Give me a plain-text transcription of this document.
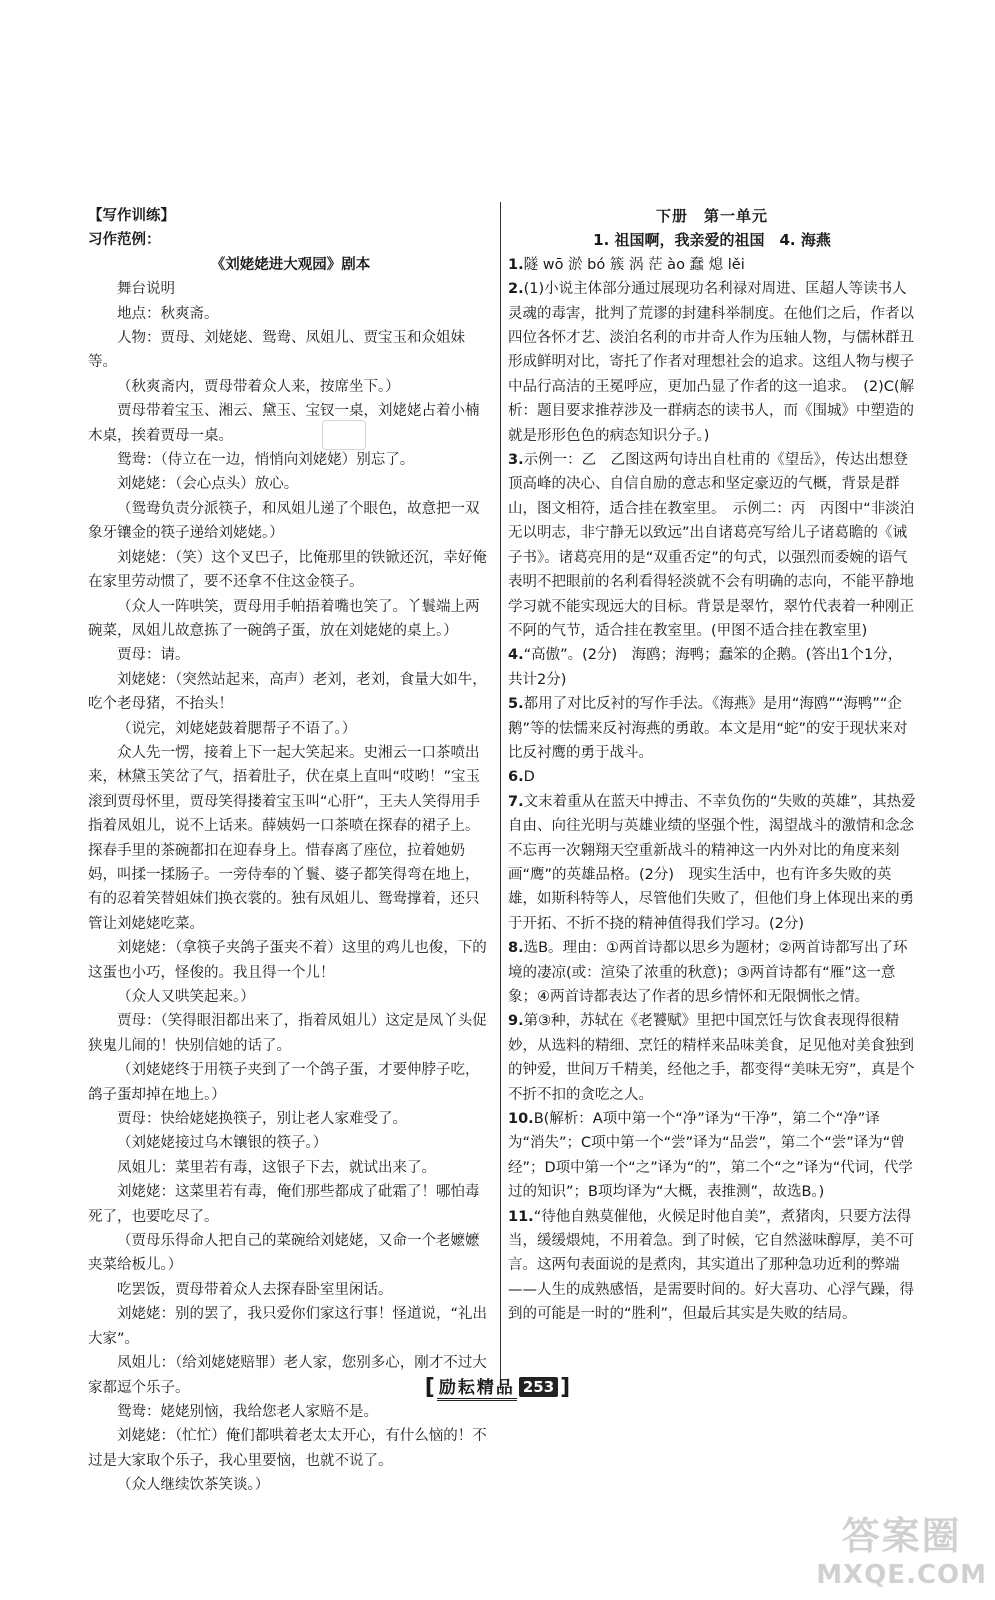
【写作训练】

习作范例：

《刘姥姥进大观园》剧本

舞台说明

地点：秋爽斋。

人物：贾母、刘姥姥、鸳鸯、凤姐儿、贾宝玉和众姐妹等。

（秋爽斋内，贾母带着众人来，按席坐下。）

贾母带着宝玉、湘云、黛玉、宝钗一桌，刘姥姥占着小楠木桌，挨着贾母一桌。

鸳鸯：（侍立在一边，悄悄向刘姥姥）别忘了。

刘姥姥：（会心点头）放心。

（鸳鸯负责分派筷子，和凤姐儿递了个眼色，故意把一双象牙镶金的筷子递给刘姥姥。）

刘姥姥：（笑）这个叉巴子，比俺那里的铁锨还沉，幸好俺在家里劳动惯了，要不还拿不住这金筷子。

（众人一阵哄笑，贾母用手帕捂着嘴也笑了。丫鬟端上两碗菜，凤姐儿故意拣了一碗鸽子蛋，放在刘姥姥的桌上。）

贾母：请。

刘姥姥：（突然站起来，高声）老刘，老刘，食量大如牛，吃个老母猪，不抬头！

（说完，刘姥姥鼓着腮帮子不语了。）

众人先一愣，接着上下一起大笑起来。史湘云一口茶喷出来，林黛玉笑岔了气，捂着肚子，伏在桌上直叫“哎哟！”宝玉滚到贾母怀里，贾母笑得搂着宝玉叫“心肝”，王夫人笑得用手指着凤姐儿，说不上话来。薛姨妈一口茶喷在探春的裙子上。探春手里的茶碗都扣在迎春身上。惜春离了座位，拉着她奶妈，叫揉一揉肠子。一旁侍奉的丫鬟、婆子都笑得弯在地上，有的忍着笑替姐妹们换衣裳的。独有凤姐儿、鸳鸯撑着，还只管让刘姥姥吃菜。

刘姥姥：（拿筷子夹鸽子蛋夹不着）这里的鸡儿也俊，下的这蛋也小巧，怪俊的。我且得一个儿！

（众人又哄笑起来。）

贾母：（笑得眼泪都出来了，指着凤姐儿）这定是凤丫头促狭鬼儿闹的！快别信她的话了。

（刘姥姥终于用筷子夹到了一个鸽子蛋，才要伸脖子吃，鸽子蛋却掉在地上。）

贾母：快给姥姥换筷子，别让老人家难受了。

（刘姥姥接过乌木镶银的筷子。）

凤姐儿：菜里若有毒，这银子下去，就试出来了。

刘姥姥：这菜里若有毒，俺们那些都成了砒霜了！哪怕毒死了，也要吃尽了。

（贾母乐得命人把自己的菜碗给刘姥姥，又命一个老嬷嬷夹菜给板儿。）

吃罢饭，贾母带着众人去探春卧室里闲话。

刘姥姥：别的罢了，我只爱你们家这行事！怪道说，“礼出大家”。

凤姐儿：（给刘姥姥赔罪）老人家，您别多心，刚才不过大家都逗个乐子。

鸳鸯：姥姥别恼，我给您老人家赔不是。

刘姥姥：（忙忙）俺们都哄着老太太开心，有什么恼的！不过是大家取个乐子，我心里要恼，也就不说了。

（众人继续饮茶笑谈。）

下册　第一单元

1. 祖国啊，我亲爱的祖国　4. 海燕

1.隧 wō 淤 bó 簇 涡 茫 ào 蠢 熄 lěi

2.(1)小说主体部分通过展现功名利禄对周进、匡超人等读书人灵魂的毒害，批判了荒谬的封建科举制度。在他们之后，作者以四位各怀才艺、淡泊名利的市井奇人作为压轴人物，与儒林群丑形成鲜明对比，寄托了作者对理想社会的追求。这组人物与楔子中品行高洁的王冕呼应，更加凸显了作者的这一追求。　(2)C(解析：题目要求推荐涉及一群病态的读书人，而《围城》中塑造的就是形形色色的病态知识分子。)

3.示例一：乙　乙图这两句诗出自杜甫的《望岳》，传达出想登顶高峰的决心、自信自励的意志和坚定豪迈的气概，背景是群山，图文相符，适合挂在教室里。　示例二：丙　丙图中“非淡泊无以明志，非宁静无以致远”出自诸葛亮写给儿子诸葛瞻的《诫子书》。诸葛亮用的是“双重否定”的句式，以强烈而委婉的语气表明不把眼前的名利看得轻淡就不会有明确的志向，不能平静地学习就不能实现远大的目标。背景是翠竹，翠竹代表着一种刚正不阿的气节，适合挂在教室里。(甲图不适合挂在教室里)

4.“高傲”。(2分)　海鸥；海鸭；蠢笨的企鹅。(答出1个1分，共计2分)

5.都用了对比反衬的写作手法。《海燕》是用“海鸥”“海鸭”“企鹅”等的怯懦来反衬海燕的勇敢。本文是用“蛇”的安于现状来对比反衬鹰的勇于战斗。

6.D

7.文末着重从在蓝天中搏击、不幸负伤的“失败的英雄”，其热爱自由、向往光明与英雄业绩的坚强个性，渴望战斗的激情和念念不忘再一次翱翔天空重新战斗的精神这一内外对比的角度来刻画“鹰”的英雄品格。(2分)　现实生活中，也有许多失败的英雄，如斯科特等人，尽管他们失败了，但他们身上体现出来的勇于开拓、不折不挠的精神值得我们学习。(2分)

8.选B。理由：①两首诗都以思乡为题材；②两首诗都写出了环境的凄凉(或：渲染了浓重的秋意)；③两首诗都有“雁”这一意象；④两首诗都表达了作者的思乡情怀和无限惆怅之情。

9.第③种，苏轼在《老饕赋》里把中国烹饪与饮食表现得很精妙，从选料的精细、烹饪的精样来品味美食，足见他对美食独到的钟爱，世间万千精美，经他之手，都变得“美味无穷”，真是个不折不扣的贪吃之人。

10.B(解析：A项中第一个“净”译为“干净”，第二个“净”译为“消失”；C项中第一个“尝”译为“品尝”，第二个“尝”译为“曾经”；D项中第一个“之”译为“的”，第二个“之”译为“代词，代学过的知识”；B项均译为“大概，表推测”，故选B。)

11.“待他自熟莫催他，火候足时他自美”，煮猪肉，只要方法得当，缓缓煨炖，不用着急。到了时候，它自然滋味醇厚，美不可言。这两句表面说的是煮肉，其实道出了那种急功近利的弊端——人生的成熟感悟，是需要时间的。好大喜功、心浮气躁，得到的可能是一时的“胜利”，但最后其实是失败的结局。

[ 励耘精品 253 ]
答案圈
MXQE.COM
